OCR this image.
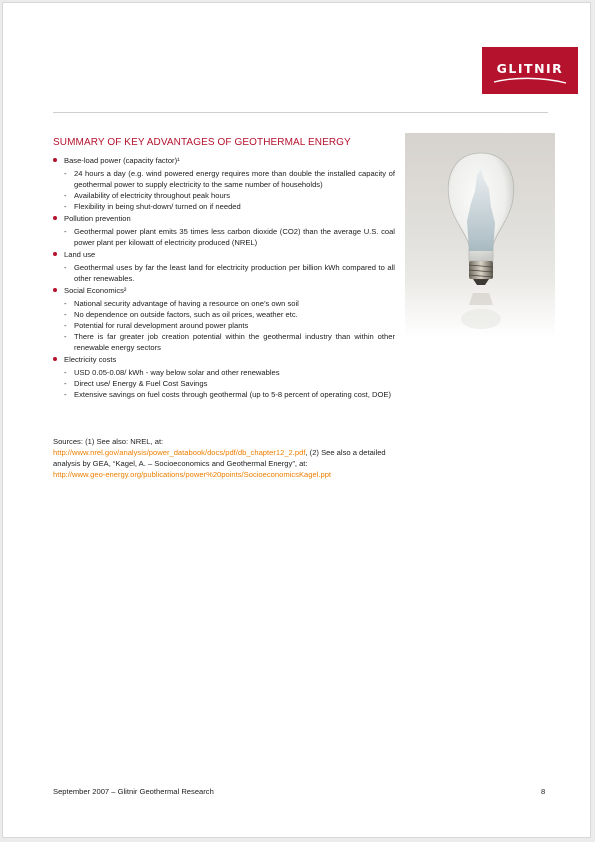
GLITNIR
SUMMARY OF KEY ADVANTAGES OF GEOTHERMAL ENERGY
Base-load power (capacity factor)¹
- 24 hours a day (e.g. wind powered energy requires more than double the installed capacity of geothermal power to supply electricity to the same number of households)
- Availability of electricity throughout peak hours
- Flexibility in being shut-down/ turned on if needed
Pollution prevention
- Geothermal power plant emits 35 times less carbon dioxide (CO2) than the average U.S. coal power plant per kilowatt of electricity produced (NREL)
Land use
- Geothermal uses by far the least land for electricity production per billion kWh compared to all other renewables.
Social Economics²
- National security advantage of having a resource on one’s own soil
- No dependence on outside factors, such as oil prices, weather etc.
- Potential for rural development around power plants
- There is far greater job creation potential within the geothermal industry than within other renewable energy sectors
Electricity costs
- USD 0.05-0.08/ kWh - way below solar and other renewables
- Direct use/ Energy & Fuel Cost Savings
- Extensive savings on fuel costs through geothermal (up to 5-8 percent of operating cost, DOE)
Sources: (1) See also: NREL, at:
http://www.nrel.gov/analysis/power_databook/docs/pdf/db_chapter12_2.pdf, (2) See also a detailed analysis by GEA, “Kagel, A. – Socioeconomics and Geothermal Energy”, at:
http://www.geo-energy.org/publications/power%20points/SocioeconomicsKagel.ppt
September 2007 – Glitnir Geothermal Research	8
